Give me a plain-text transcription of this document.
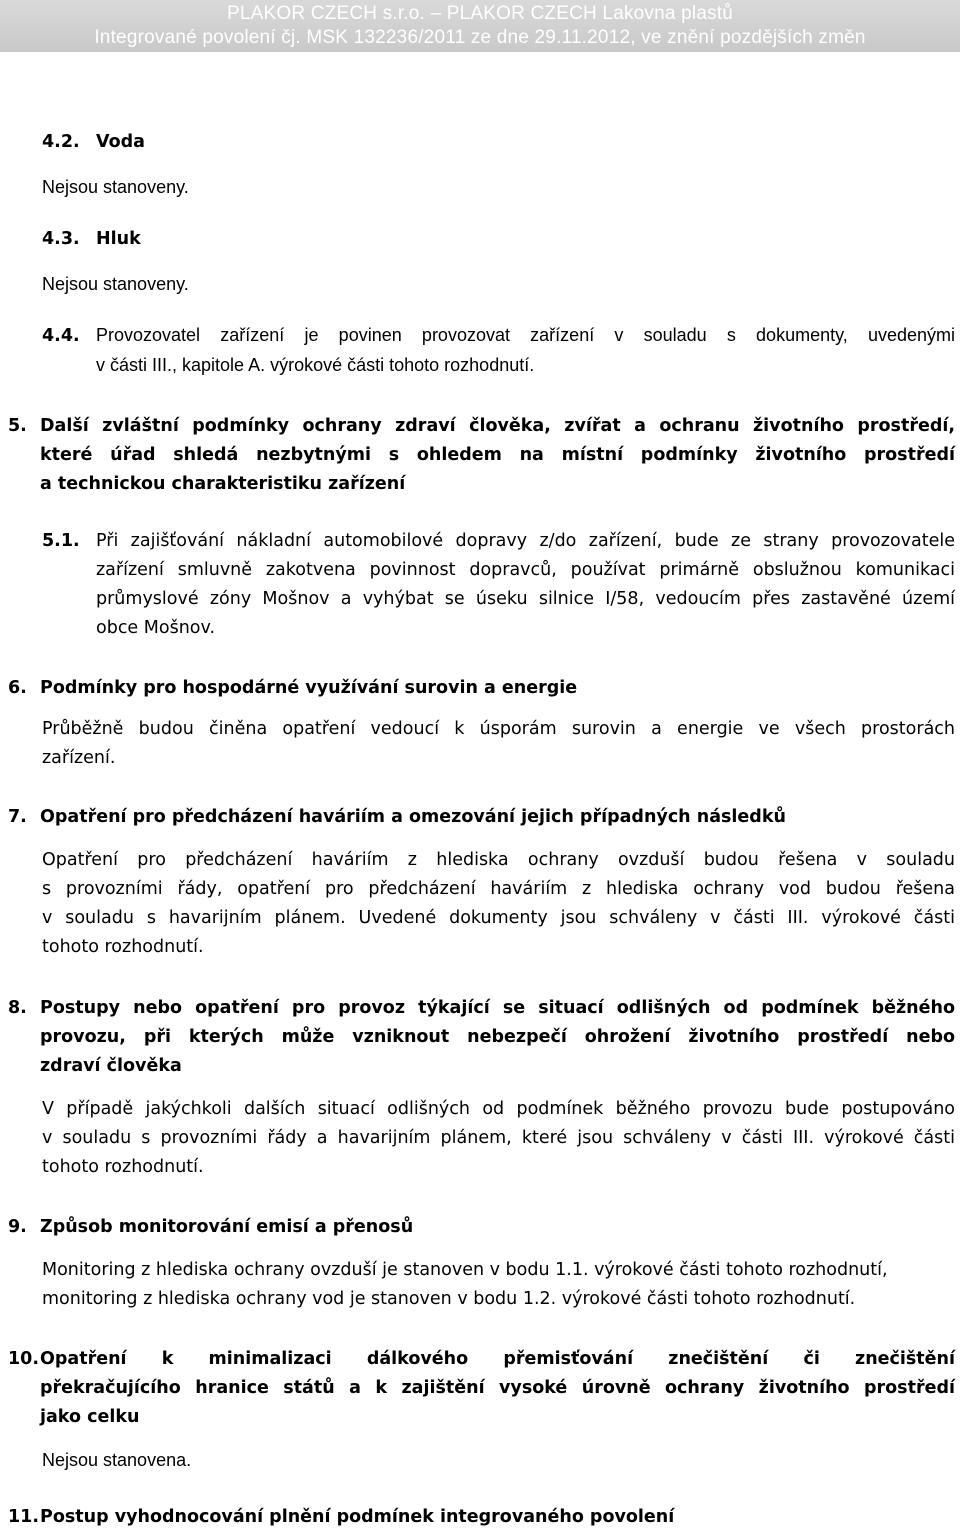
PLAKOR CZECH s.r.o. – PLAKOR CZECH Lakovna plastů
Integrované povolení čj. MSK 132236/2011 ze dne 29.11.2012, ve znění pozdějších změn
4.2. Voda
Nejsou stanoveny.
4.3. Hluk
Nejsou stanoveny.
4.4. Provozovatel zařízení je povinen provozovat zařízení v souladu s dokumenty, uvedenými
v části III., kapitole A. výrokové části tohoto rozhodnutí.
5. Další zvláštní podmínky ochrany zdraví člověka, zvířat a ochranu životního prostředí,
které úřad shledá nezbytnými s ohledem na místní podmínky životního prostředí
a technickou charakteristiku zařízení
5.1. Při zajišťování nákladní automobilové dopravy z/do zařízení, bude ze strany provozovatele
zařízení smluvně zakotvena povinnost dopravců, používat primárně obslužnou komunikaci
průmyslové zóny Mošnov a vyhýbat se úseku silnice I/58, vedoucím přes zastavěné území
obce Mošnov.
6. Podmínky pro hospodárné využívání surovin a energie
Průběžně budou činěna opatření vedoucí k úsporám surovin a energie ve všech prostorách
zařízení.
7. Opatření pro předcházení haváriím a omezování jejich případných následků
Opatření pro předcházení haváriím z hlediska ochrany ovzduší budou řešena v souladu
s provozními řády, opatření pro předcházení haváriím z hlediska ochrany vod budou řešena
v souladu s havarijním plánem. Uvedené dokumenty jsou schváleny v části III. výrokové části
tohoto rozhodnutí.
8. Postupy nebo opatření pro provoz týkající se situací odlišných od podmínek běžného
provozu, při kterých může vzniknout nebezpečí ohrožení životního prostředí nebo
zdraví člověka
V případě jakýchkoli dalších situací odlišných od podmínek běžného provozu bude postupováno
v souladu s provozními řády a havarijním plánem, které jsou schváleny v části III. výrokové části
tohoto rozhodnutí.
9. Způsob monitorování emisí a přenosů
Monitoring z hlediska ochrany ovzduší je stanoven v bodu 1.1. výrokové části tohoto rozhodnutí,
monitoring z hlediska ochrany vod je stanoven v bodu 1.2. výrokové části tohoto rozhodnutí.
10. Opatření k minimalizaci dálkového přemisťování znečištění či znečištění
překračujícího hranice států a k zajištění vysoké úrovně ochrany životního prostředí
jako celku
Nejsou stanovena.
11. Postup vyhodnocování plnění podmínek integrovaného povolení
